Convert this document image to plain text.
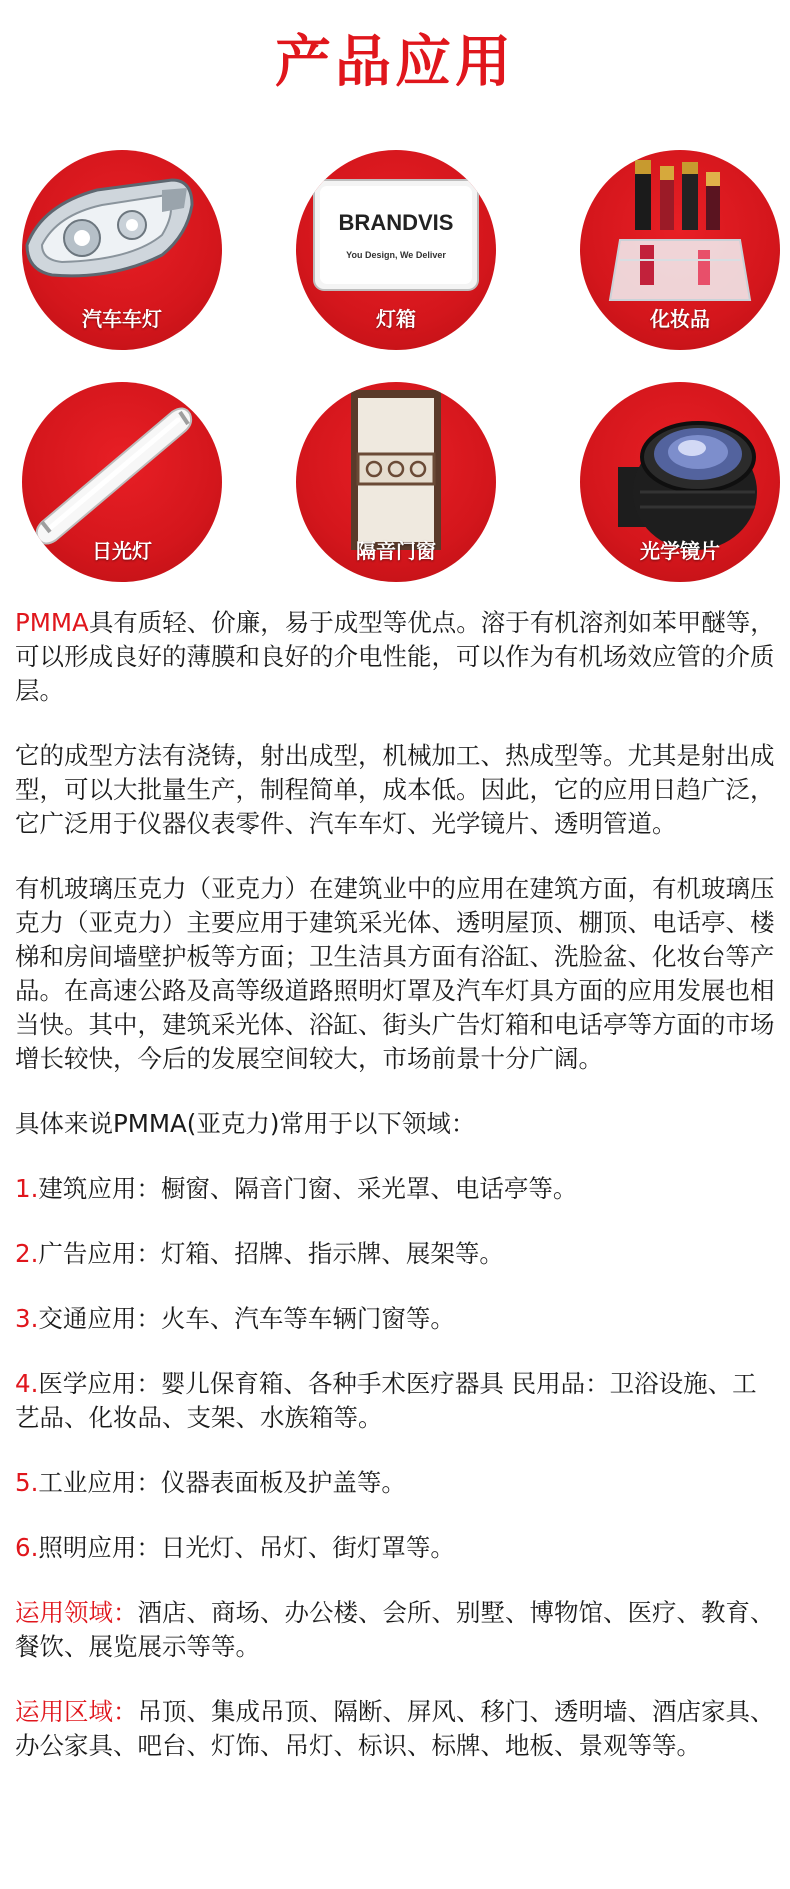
产品应用
汽车车灯
BRANDVIS
You Design, We Deliver
灯箱	化妆品
日光灯	隔音门窗	光学镜片

PMMA具有质轻、价廉，易于成型等优点。溶于有机溶剂如苯甲醚等，可以形成良好的薄膜和良好的介电性能，可以作为有机场效应管的介质层。

它的成型方法有浇铸，射出成型，机械加工、热成型等。尤其是射出成型，可以大批量生产，制程简单，成本低。因此，它的应用日趋广泛，它广泛用于仪器仪表零件、汽车车灯、光学镜片、透明管道。

有机玻璃压克力（亚克力）在建筑业中的应用在建筑方面，有机玻璃压克力（亚克力）主要应用于建筑采光体、透明屋顶、棚顶、电话亭、楼梯和房间墙壁护板等方面；卫生洁具方面有浴缸、洗脸盆、化妆台等产品。在高速公路及高等级道路照明灯罩及汽车灯具方面的应用发展也相当快。其中，建筑采光体、浴缸、街头广告灯箱和电话亭等方面的市场增长较快，今后的发展空间较大，市场前景十分广阔。

具体来说PMMA(亚克力)常用于以下领域：

1.建筑应用：橱窗、隔音门窗、采光罩、电话亭等。

2.广告应用：灯箱、招牌、指示牌、展架等。

3.交通应用：火车、汽车等车辆门窗等。

4.医学应用：婴儿保育箱、各种手术医疗器具 民用品：卫浴设施、工艺品、化妆品、支架、水族箱等。

5.工业应用：仪器表面板及护盖等。

6.照明应用：日光灯、吊灯、街灯罩等。

运用领域：酒店、商场、办公楼、会所、别墅、博物馆、医疗、教育、餐饮、展览展示等等。

运用区域：吊顶、集成吊顶、隔断、屏风、移门、透明墙、酒店家具、办公家具、吧台、灯饰、吊灯、标识、标牌、地板、景观等等。
